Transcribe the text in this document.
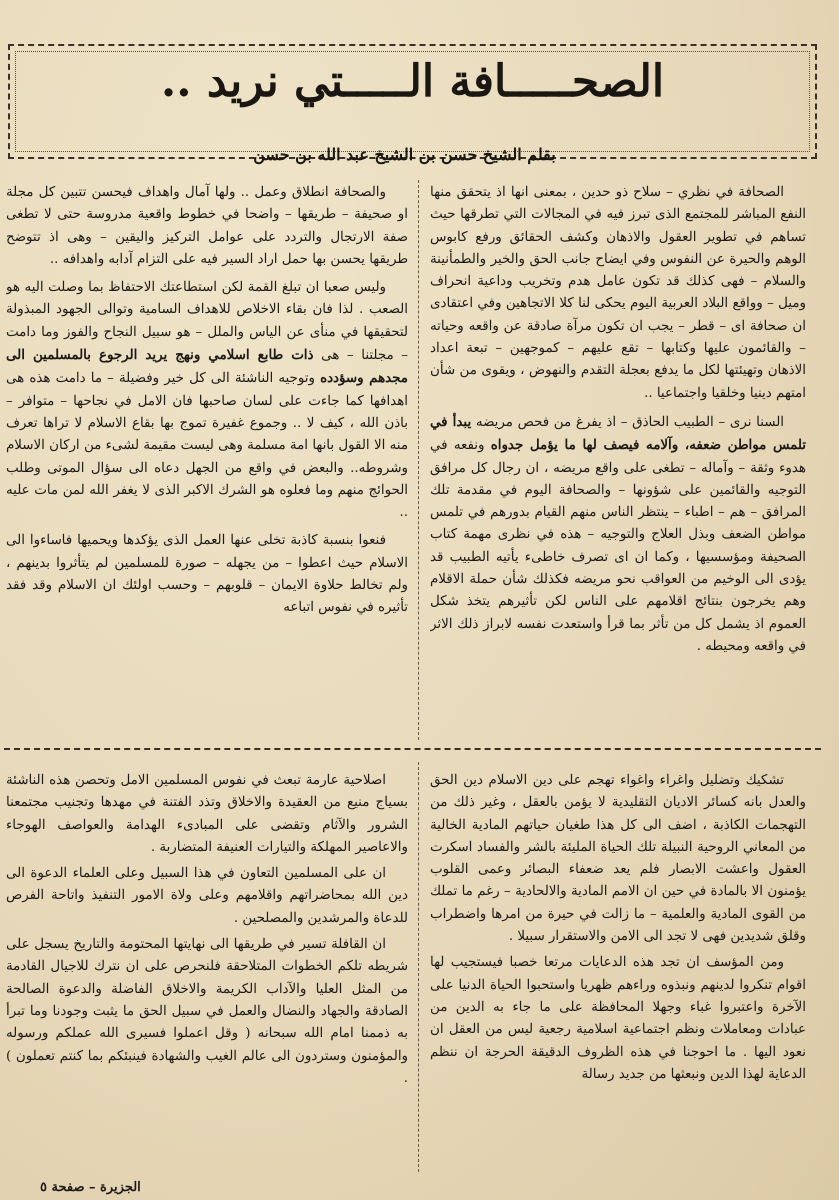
الصحـــــافة الـــــتي نريد ..
بقلم الشيخ حسن بن الشيخ عبد الله بن حسن

الصحافة في نظري – سلاح ذو حدين ، بمعنى انها اذ يتحقق منها النفع المباشر للمجتمع الذى تبرز فيه في المجالات التي تطرقها حيث تساهم في تطوير العقول والاذهان وكشف الحقائق ورفع كابوس الوهم والحيرة عن النفوس وفي ايضاح جانب الحق والخير والطمأنينة والسلام – فهى كذلك قد تكون عامل هدم وتخريب وداعية انحراف وميل – وواقع البلاد العربية اليوم يحكى لنا كلا الاتجاهين وفي اعتقادى ان صحافة اى – قطر – يجب ان تكون مرآة صادقة عن واقعه وحياته – والقائمون عليها وكتابها – تقع عليهم – كموجهين – تبعة اعداد الاذهان وتهيئتها لكل ما يدفع بعجلة التقدم والنهوض ، ويقوى من شأن امتهم دينيا وخلقيا واجتماعيا ..

السنا نرى – الطبيب الحاذق – اذ يفرغ من فحص مريضه يبدأ في تلمس مواطن ضعفه، وآلامه فيصف لها ما يؤمل جدواه ونفعه في هدوء وثقة – وآماله – تطغى على واقع مريضه ، ان رجال كل مرافق التوجيه والقائمين على شؤونها – والصحافة اليوم في مقدمة تلك المرافق – هم – اطباء – ينتظر الناس منهم القيام بدورهم في تلمس مواطن الضعف وبذل العلاج والتوجيه – هذه في نظرى مهمة كتاب الصحيفة ومؤسسيها ، وكما ان اى تصرف خاطىء يأتيه الطبيب قد يؤدى الى الوخيم من العواقب نحو مريضه فكذلك شأن حملة الاقلام وهم يخرجون بنتائج اقلامهم على الناس لكن تأثيرهم يتخذ شكل العموم اذ يشمل كل من تأثر بما قرأ واستعدت نفسه لابراز ذلك الاثر في واقعه ومحيطه .

والصحافة انطلاق وعمل .. ولها آمال واهداف فيحسن تتبين كل مجلة او صحيفة – طريقها – واضحا في خطوط واقعية مدروسة حتى لا تطغى صفة الارتجال والتردد على عوامل التركيز واليقين – وهى اذ تتوضح طريقها يحسن بها حمل اراد السير فيه على التزام آدابه واهدافه ..

وليس صعبا ان تبلغ القمة لكن استطاعتك الاحتفاظ بما وصلت اليه هو الصعب . لذا فان بقاء الاخلاص للاهداف السامية وتوالى الجهود المبذولة لتحقيقها في منأى عن الياس والملل – هو سبيل النجاح والفوز وما دامت – مجلتنا – هى ذات طابع اسلامي ونهج يريد الرجوع بالمسلمين الى مجدهم وسؤدده وتوجيه الناشئة الى كل خير وفضيلة – ما دامت هذه هى اهدافها كما جاءت على لسان صاحبها فان الامل في نجاحها – متوافر – باذن الله ، كيف لا .. وجموع غفيرة تموج بها بقاع الاسلام لا تراها تعرف منه الا القول بانها امة مسلمة وهى ليست مقيمة لشىء من اركان الاسلام وشروطه.. والبعض في واقع من الجهل دعاه الى سؤال الموتى وطلب الحوائج منهم وما فعلوه هو الشرك الاكبر الذى لا يغفر الله لمن مات عليه ..

فنعوا بنسبة كاذبة تخلى عنها العمل الذى يؤكدها ويحميها فاساءوا الى الاسلام حيث اعطوا – من يجهله – صورة للمسلمين لم يتأثروا بدينهم ، ولم تخالط حلاوة الايمان – قلوبهم – وحسب اولئك ان الاسلام وقد فقد تأثيره في نفوس اتباعه

تشكيك وتضليل واغراء واغواء تهجم على دين الاسلام دين الحق والعدل بانه كسائر الاديان التقليدية لا يؤمن بالعقل ، وغير ذلك من التهجمات الكاذبة ، اضف الى كل هذا طغيان حياتهم المادية الخالية من المعاني الروحية النبيلة تلك الحياة المليئة بالشر والفساد اسكرت العقول واعشت الابصار فلم يعد ضعفاء البصائر وعمى القلوب يؤمنون الا بالمادة في حين ان الامم المادية والالحادية – رغم ما تملك من القوى المادية والعلمية – ما زالت في حيرة من امرها واضطراب وقلق شديدين فهى لا تجد الى الامن والاستقرار سبيلا .

ومن المؤسف ان تجد هذه الدعايات مرتعا خصبا فيستجيب لها اقوام تنكروا لدينهم ونبذوه وراءهم ظهريا واستحبوا الحياة الدنيا على الآخرة واعتبروا غباء وجهلا المحافظة على ما جاء به الدين من عبادات ومعاملات ونظم اجتماعية اسلامية رجعية ليس من العقل ان نعود اليها . ما احوجنا في هذه الظروف الدقيقة الحرجة ان ننظم الدعاية لهذا الدين ونبعثها من جديد رسالة

اصلاحية عارمة تبعث في نفوس المسلمين الامل وتحصن هذه الناشئة بسياج منيع من العقيدة والاخلاق وتذد الفتنة في مهدها وتجنيب مجتمعنا الشرور والآثام وتقضى على المبادىء الهدامة والعواصف الهوجاء والاعاصير المهلكة والتيارات العنيفة المتضاربة .

ان على المسلمين التعاون في هذا السبيل وعلى العلماء الدعوة الى دين الله بمحاضراتهم واقلامهم وعلى ولاة الامور التنفيذ واتاحة الفرص للدعاة والمرشدين والمصلحين .

ان القافلة تسير في طريقها الى نهايتها المحتومة والتاريخ يسجل على شريطه تلكم الخطوات المتلاحقة فلنحرص على ان نترك للاجيال القادمة من المثل العليا والآداب الكريمة والاخلاق الفاضلة والدعوة الصالحة الصادقة والجهاد والنضال والعمل في سبيل الحق ما يثبت وجودنا وما تبرأ به ذممنا امام الله سبحانه ( وقل اعملوا فسيرى الله عملكم ورسوله والمؤمنون وستردون الى عالم الغيب والشهادة فينبئكم بما كنتم تعملون ) .

الجزيرة – صفحة ٥
